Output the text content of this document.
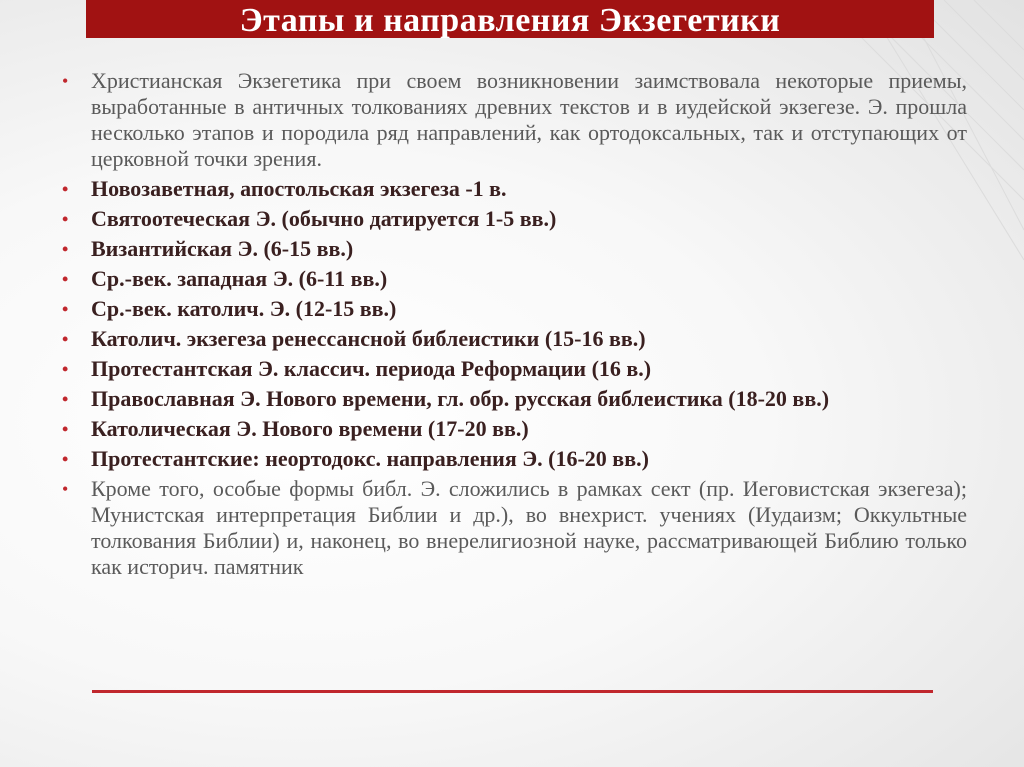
Этапы и направления Экзегетики
•	Христианская Экзегетика при своем возникновении заимствовала некоторые приемы, выработанные в античных толкованиях древних текстов и в иудейской экзегезе. Э. прошла несколько этапов и породила ряд направлений, как ортодоксальных, так и отступающих от церковной точки зрения.
•	Новозаветная, апостольская экзегеза -1 в.
•	Святоотеческая Э. (обычно датируется 1-5 вв.)
•	Византийская Э. (6-15 вв.)
•	Ср.-век. западная Э. (6-11 вв.)
•	Ср.-век. католич. Э. (12-15 вв.)
•	Католич. экзегеза ренессансной библеистики (15-16 вв.)
•	Протестантская Э. классич. периода Реформации (16 в.)
•	Православная Э. Нового времени, гл. обр. русская библеистика (18-20 вв.)
•	Католическая Э. Нового времени (17-20 вв.)
•	Протестантские: неортодокс. направления Э. (16-20 вв.)
•	Кроме того, особые формы библ. Э. сложились в рамках сект (пр. Иеговистская экзегеза); Мунистская интерпретация Библии и др.), во внехрист. учениях (Иудаизм; Оккультные толкования Библии) и, наконец, во внерелигиозной науке, рассматривающей Библию только как историч. памятник
